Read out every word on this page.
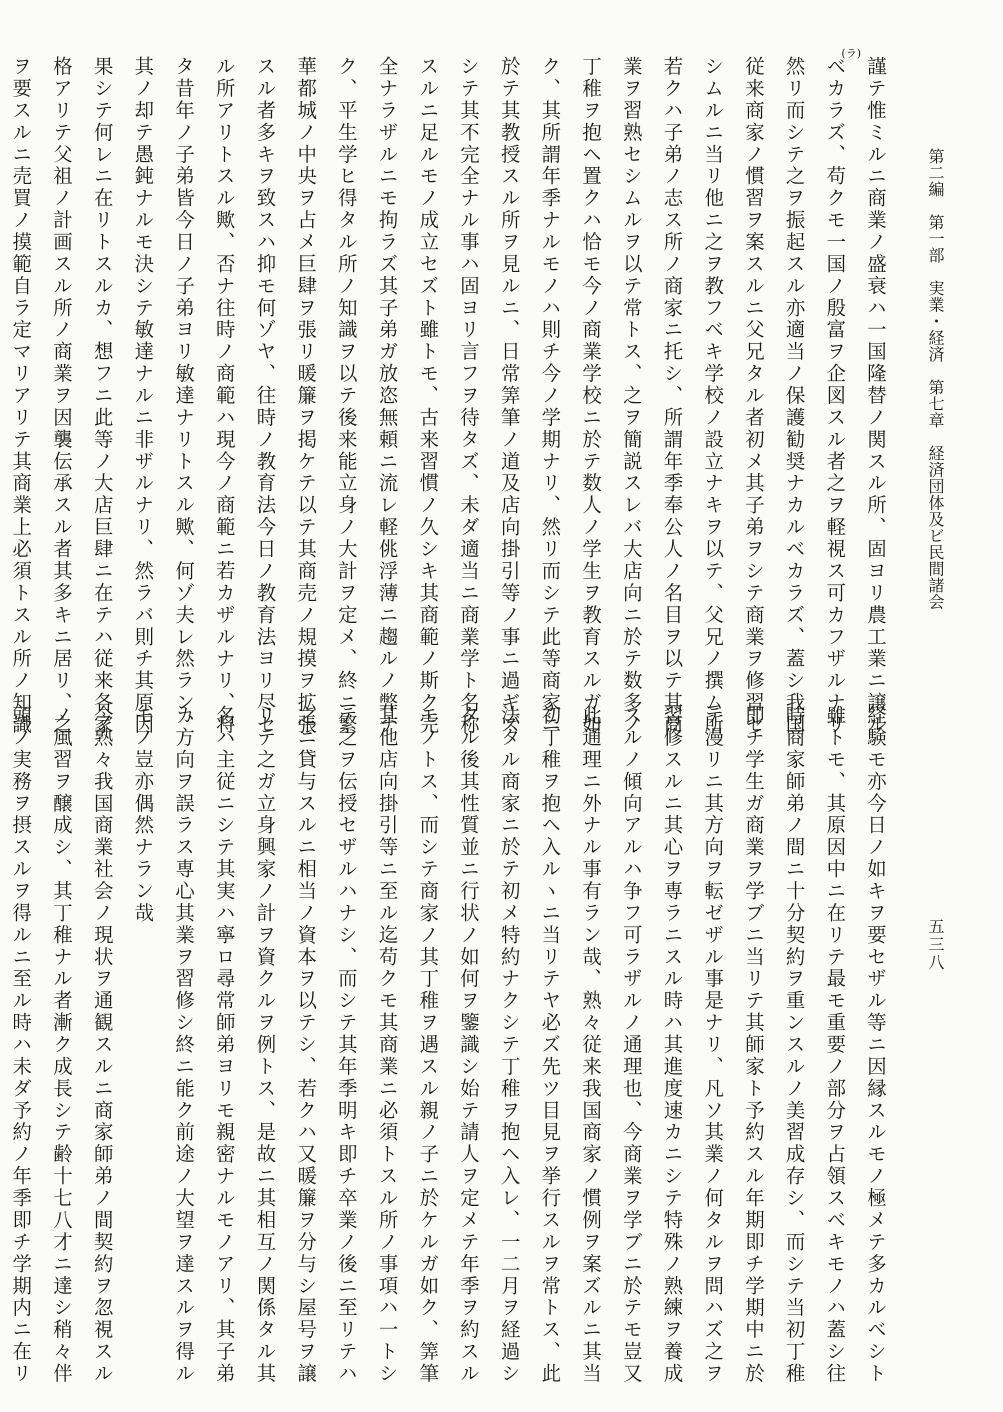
第二編　第一部　実業・経済　第七章　経済団体及ビ民間諸会
五三八
(ラ)
謹テ惟ミルニ商業ノ盛衰ハ一国隆替ノ関スル所、固ヨリ農工業ニ譲ル
ベカラズ、苟クモ一国ノ殷富ヲ企図スル者之ヲ軽視ス可カフザルナリ
然リ而シテ之ヲ振起スル亦適当ノ保護勧奨ナカルベカラズ、蓋シ我国
従来商家ノ慣習ヲ案スルニ父兄タル者初メ其子弟ヲシテ商業ヲ修習セ
シムルニ当リ他ニ之ヲ教フベキ学校ノ設立ナキヲ以テ、父兄ノ撰ム所
若クハ子弟ノ志ス所ノ商家ニ托シ、所謂年季奉公人ノ名目ヲ以テ其商
業ヲ習熟セシムルヲ以テ常トス、之ヲ簡説スレバ大店向ニ於テ数多ノ
丁稚ヲ抱ヘ置クハ恰モ今ノ商業学校ニ於テ数人ノ学生ヲ教育スルガ如
ク、其所謂年季ナルモノハ則チ今ノ学期ナリ、然リ而シテ此等商家ニ
於テ其教授スル所ヲ見ルニ、日常筭筆ノ道及店向掛引等ノ事ニ過ギズ
シテ其不完全ナル事ハ固ヨリ言フヲ待タズ、未ダ適当ニ商業学ト名称
スルニ足ルモノ成立セズト雖トモ、古来習慣ノ久シキ其商範ノ斯ク完
全ナラザルニモ拘ラズ其子弟ガ放恣無頼ニ流レ軽佻浮薄ニ趨ルノ弊ナ
ク、平生学ヒ得タル所ノ知識ヲ以テ後来能立身ノ大計ヲ定メ、終ニ繁
華都城ノ中央ヲ占メ巨肆ヲ張リ暖簾ヲ掲ケテ以テ其商売ノ規摸ヲ拡張
スル者多キヲ致スハ抑モ何ゾヤ、往時ノ教育法今日ノ教育法ヨリ尽セ
ル所アリトスル歟、否ナ往時ノ商範ハ現今ノ商範ニ若カザルナリ、将
タ昔年ノ子弟皆今日ノ子弟ヨリ敏達ナリトスル歟、何ゾ夫レ然ラン、
其ノ却テ愚鈍ナルモ決シテ敏達ナルニ非ザルナリ、然ラバ則チ其原因
果シテ何レニ在リトスルカ、想フニ此等ノ大店巨肆ニ在テハ従来各家
格アリテ父祖ノ計画スル所ノ商業ヲ因襲伝承スル者其多キニ居リ、之
ヲ要スルニ売買ノ摸範自ラ定マリアリテ其商業上必須トスル所ノ知識
経験モ亦今日ノ如キヲ要セザル等ニ因縁スルモノ極メテ多カルベシト
雖トモ、其原因中ニ在リテ最モ重要ノ部分ヲ占領スベキモノハ蓋シ往
時商家師弟ノ間ニ十分契約ヲ重ンスルノ美習成存シ、而シテ当初丁稚
即チ学生ガ商業ヲ学ブニ当リテ其師家ト予約スル年期即チ学期中ニ於
テ漫リニ其方向ヲ転ゼザル事是ナリ、凡ソ其業ノ何タルヲ問ハズ之ヲ
習修スルニ其心ヲ専ラニスル時ハ其進度速カニシテ特殊ノ熟練ヲ養成
スルノ傾向アルハ争フ可ラザルノ通理也、今商業ヲ学ブニ於テモ豈又
此通理ニ外ナル事有ラン哉、熟々従来我国商家ノ慣例ヲ案ズルニ其当
初丁稚ヲ抱ヘ入ルヽニ当リテヤ必ズ先ツ目見ヲ挙行スルヲ常トス、此
法タル商家ニ於テ初メ特約ナクシテ丁稚ヲ抱ヘ入レ、一二月ヲ経過シ
タル後其性質並ニ行状ノ如何ヲ鑒識シ始テ請人ヲ定メテ年季ヲ約スル
モノトス、而シテ商家ノ其丁稚ヲ遇スル親ノ子ニ於ケルガ如ク、筭筆
其他店向掛引等ニ至ル迄苟クモ其商業ニ必須トスル所ノ事項ハ一トシ
テ之ヲ伝授セザルハナシ、而シテ其年季明キ即チ卒業ノ後ニ至リテハ
之ニ貸与スルニ相当ノ資本ヲ以テシ、若クハ又暖簾ヲ分与シ屋号ヲ譲
リテ之ガ立身興家ノ計ヲ資クルヲ例トス、是故ニ其相互ノ関係タル其
名ハ主従ニシテ其実ハ寧ロ尋常師弟ヨリモ親密ナルモノアリ、其子弟
カ方向ヲ誤ラス専心其業ヲ習修シ終ニ能ク前途ノ大望ヲ達スルヲ得ル
モノ豈亦偶然ナラン哉
今熟々我国商業社会ノ現状ヲ通観スルニ商家師弟ノ間契約ヲ忽視スル
ノ風習ヲ醸成シ、其丁稚ナル者漸ク成長シテ齢十七八才ニ達シ稍々伴
頭ノ実務ヲ摂スルヲ得ルニ至ル時ハ未ダ予約ノ年季即チ学期内ニ在リ
